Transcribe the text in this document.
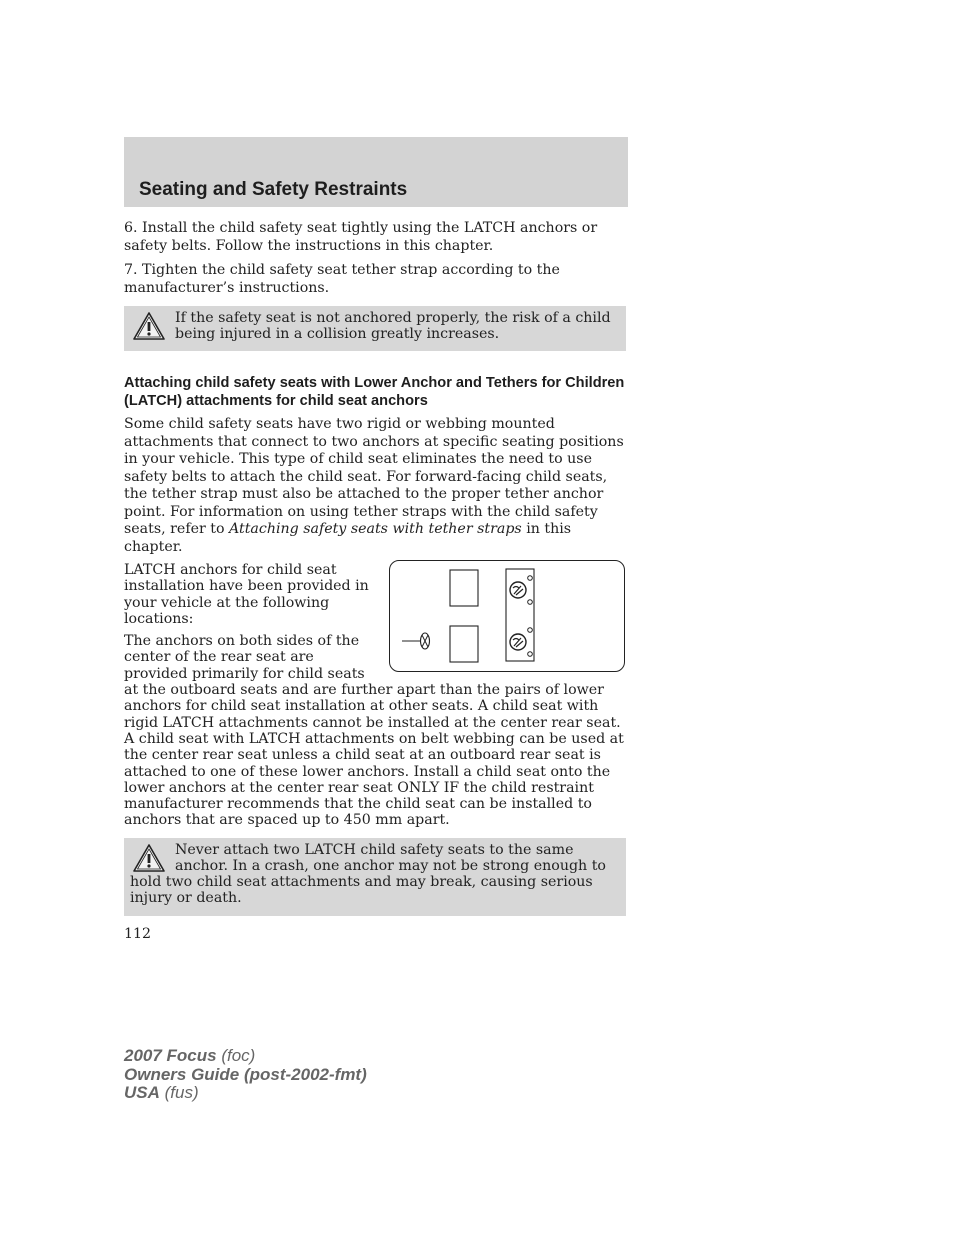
Seating and Safety Restraints

6. Install the child safety seat tightly using the LATCH anchors or safety belts. Follow the instructions in this chapter.

7. Tighten the child safety seat tether strap according to the manufacturer’s instructions.

If the safety seat is not anchored properly, the risk of a child being injured in a collision greatly increases.
Attaching child safety seats with Lower Anchor and Tethers for Children (LATCH) attachments for child seat anchors

Some child safety seats have two rigid or webbing mounted attachments that connect to two anchors at specific seating positions in your vehicle. This type of child seat eliminates the need to use safety belts to attach the child seat. For forward-facing child seats, the tether strap must also be attached to the proper tether anchor point. For information on using tether straps with the child safety seats, refer to Attaching safety seats with tether straps in this chapter.

LATCH anchors for child seat installation have been provided in your vehicle at the following locations:

The anchors on both sides of the center of the rear seat are provided primarily for child seats at the outboard seats and are further apart than the pairs of lower anchors for child seat installation at other seats. A child seat with rigid LATCH attachments cannot be installed at the center rear seat. A child seat with LATCH attachments on belt webbing can be used at the center rear seat unless a child seat at an outboard rear seat is attached to one of these lower anchors. Install a child seat onto the lower anchors at the center rear seat ONLY IF the child restraint manufacturer recommends that the child seat can be installed to anchors that are spaced up to 450 mm apart.

Never attach two LATCH child safety seats to the same anchor. In a crash, one anchor may not be strong enough to hold two child seat attachments and may break, causing serious injury or death.

112

2007 Focus (foc)
Owners Guide (post-2002-fmt)
USA (fus)
